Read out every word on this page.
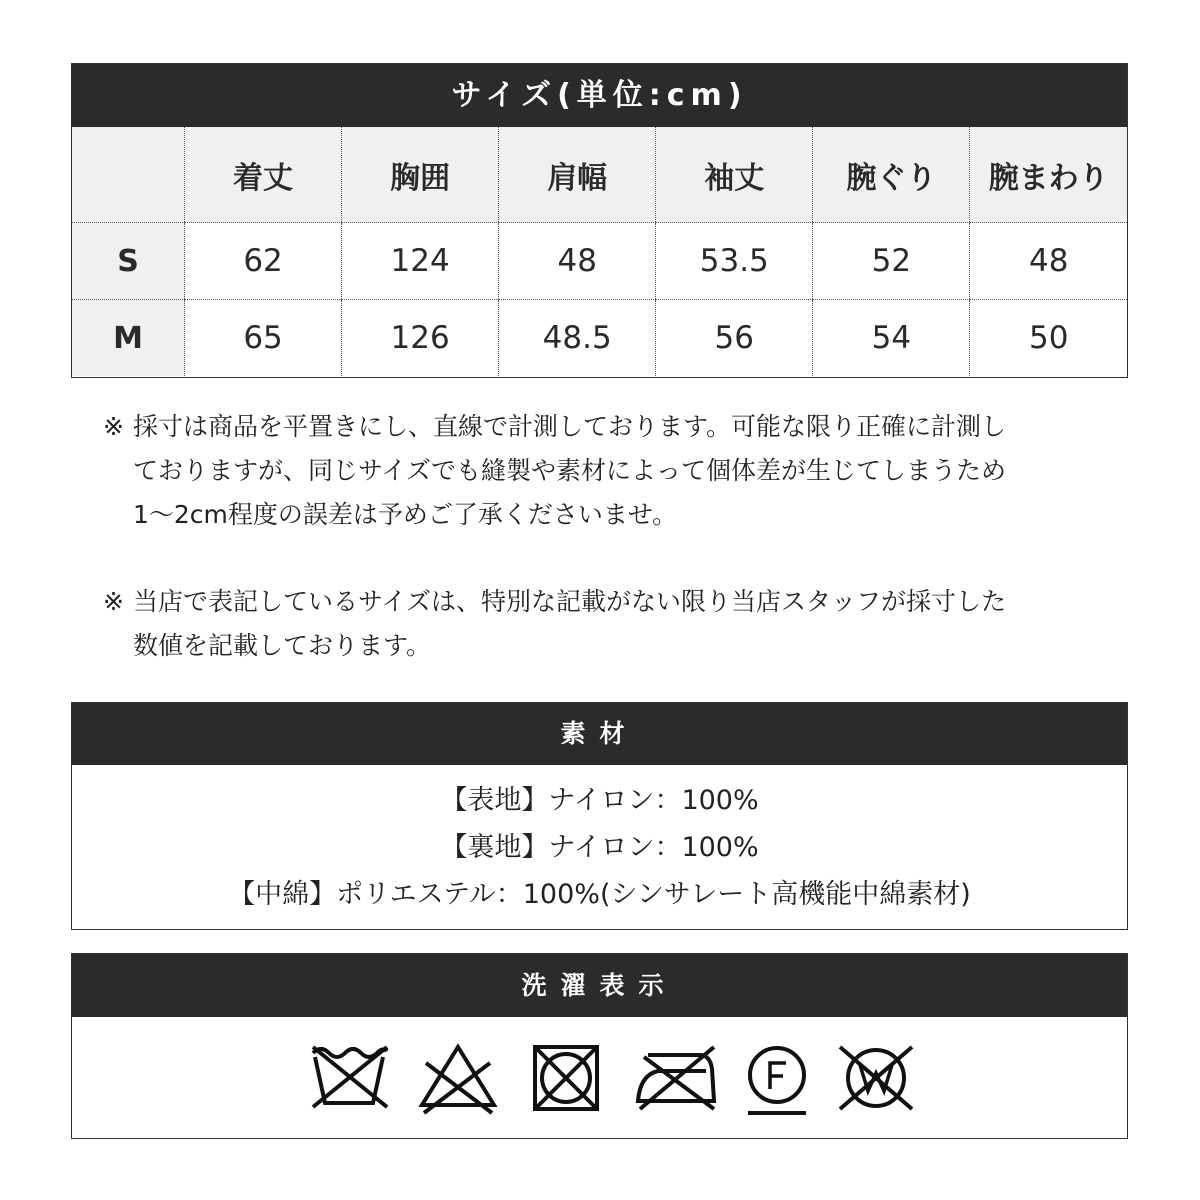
サイズ(単位:cm)
	着丈	胸囲	肩幅	袖丈	腕ぐり	腕まわり
S	62	124	48	53.5	52	48
M	65	126	48.5	56	54	50
※ 採寸は商品を平置きにし、直線で計測しております。可能な限り正確に計測し
ておりますが、同じサイズでも縫製や素材によって個体差が生じてしまうため
1〜2cm程度の誤差は予めご了承くださいませ。
※ 当店で表記しているサイズは、特別な記載がない限り当店スタッフが採寸した
数値を記載しております。
素材
【表地】ナイロン：100%
【裏地】ナイロン：100%
【中綿】ポリエステル：100%(シンサレート高機能中綿素材)
洗濯表示
